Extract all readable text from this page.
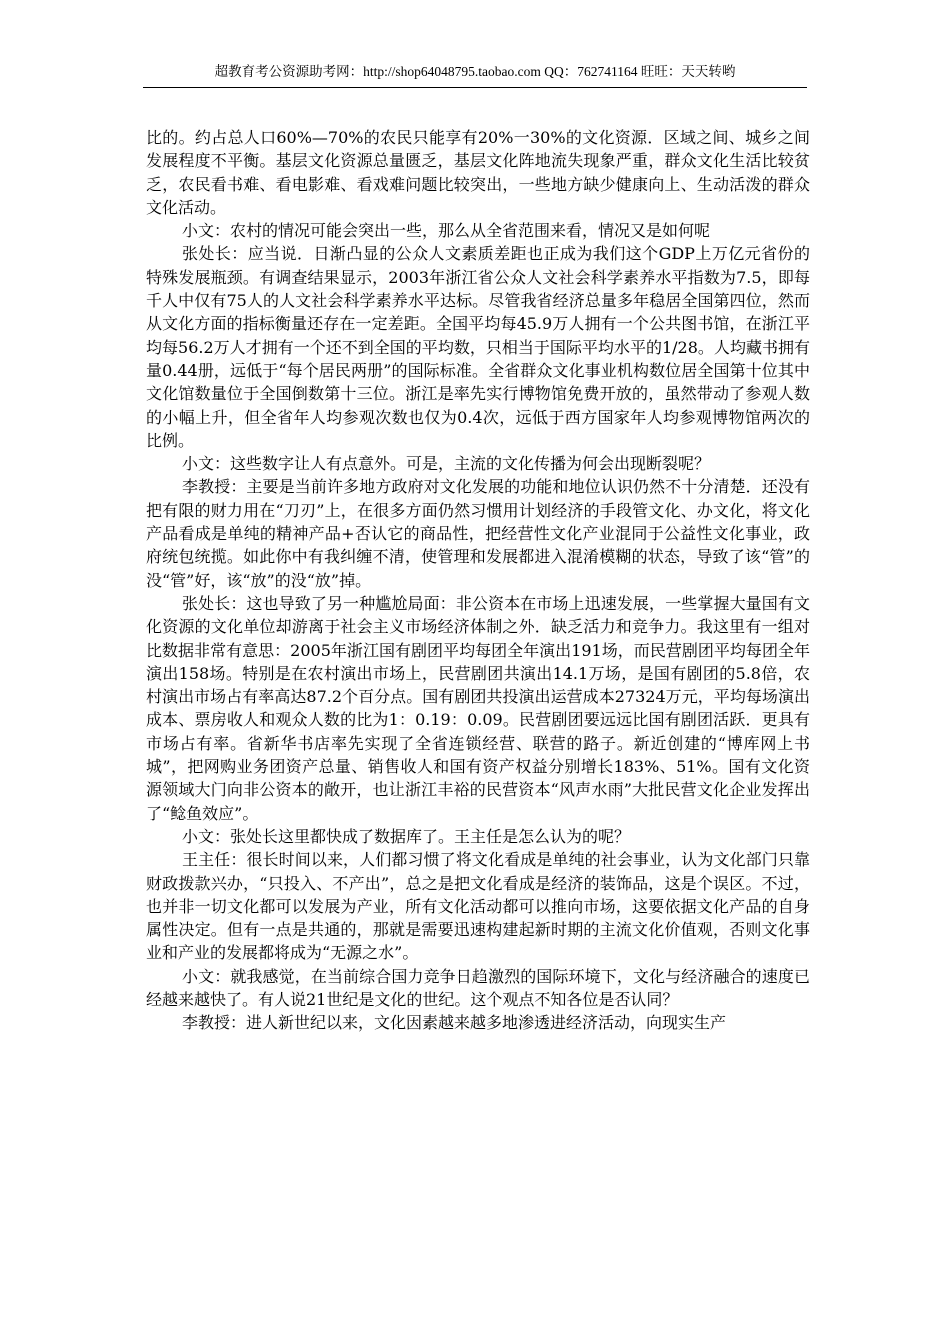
超教育考公资源助考网：http://shop64048795.taobao.com QQ：762741164 旺旺：天天转哟

比的。约占总人口60%—70%的农民只能享有20%一30%的文化资源．区域之间、城乡之间发展程度不平衡。基层文化资源总量匮乏，基层文化阵地流失现象严重，群众文化生活比较贫乏，农民看书难、看电影难、看戏难问题比较突出，一些地方缺少健康向上、生动活泼的群众文化活动。

小文：农村的情况可能会突出一些，那么从全省范围来看，情况又是如何呢

张处长：应当说．日渐凸显的公众人文素质差距也正成为我们这个GDP上万亿元省份的特殊发展瓶颈。有调查结果显示，2003年浙江省公众人文社会科学素养水平指数为7.5，即每千人中仅有75人的人文社会科学素养水平达标。尽管我省经济总量多年稳居全国第四位，然而从文化方面的指标衡量还存在一定差距。全国平均每45.9万人拥有一个公共图书馆，在浙江平均每56.2万人才拥有一个还不到全国的平均数，只相当于国际平均水平的1/28。人均藏书拥有量0.44册，远低于“每个居民两册”的国际标准。全省群众文化事业机构数位居全国第十位其中文化馆数量位于全国倒数第十三位。浙江是率先实行博物馆免费开放的，虽然带动了参观人数的小幅上升，但全省年人均参观次数也仅为0.4次，远低于西方国家年人均参观博物馆两次的比例。

小文：这些数字让人有点意外。可是，主流的文化传播为何会出现断裂呢？

李教授：主要是当前许多地方政府对文化发展的功能和地位认识仍然不十分清楚．还没有把有限的财力用在“刀刃”上，在很多方面仍然习惯用计划经济的手段管文化、办文化，将文化产品看成是单纯的精神产品+否认它的商品性，把经营性文化产业混同于公益性文化事业，政府统包统揽。如此你中有我纠缠不清，使管理和发展都进入混淆模糊的状态，导致了该“管”的没“管”好，该“放”的没“放”掉。

张处长：这也导致了另一种尴尬局面：非公资本在市场上迅速发展，一些掌握大量国有文化资源的文化单位却游离于社会主义市场经济体制之外．缺乏活力和竞争力。我这里有一组对比数据非常有意思：2005年浙江国有剧团平均每团全年演出191场，而民营剧团平均每团全年演出158场。特别是在农村演出市场上，民营剧团共演出14.1万场，是国有剧团的5.8倍，农村演出市场占有率高达87.2个百分点。国有剧团共投演出运营成本27324万元，平均每场演出成本、票房收人和观众人数的比为1：0.19：0.09。民营剧团要远远比国有剧团活跃．更具有市场占有率。省新华书店率先实现了全省连锁经营、联营的路子。新近创建的“博库网上书城”，把网购业务团资产总量、销售收人和国有资产权益分别增长183%、51%。国有文化资源领域大门向非公资本的敞开，也让浙江丰裕的民营资本“风声水雨”大批民营文化企业发挥出了“鲶鱼效应”。

小文：张处长这里都快成了数据库了。王主任是怎么认为的呢？

王主任：很长时间以来，人们都习惯了将文化看成是单纯的社会事业，认为文化部门只靠财政拨款兴办，“只投入、不产出”，总之是把文化看成是经济的装饰品，这是个误区。不过，也并非一切文化都可以发展为产业，所有文化活动都可以推向市场，这要依据文化产品的自身属性决定。但有一点是共通的，那就是需要迅速构建起新时期的主流文化价值观，否则文化事业和产业的发展都将成为“无源之水”。

小文：就我感觉，在当前综合国力竞争日趋激烈的国际环境下，文化与经济融合的速度已经越来越快了。有人说21世纪是文化的世纪。这个观点不知各位是否认同？

李教授：进人新世纪以来，文化因素越来越多地渗透进经济活动，向现实生产
